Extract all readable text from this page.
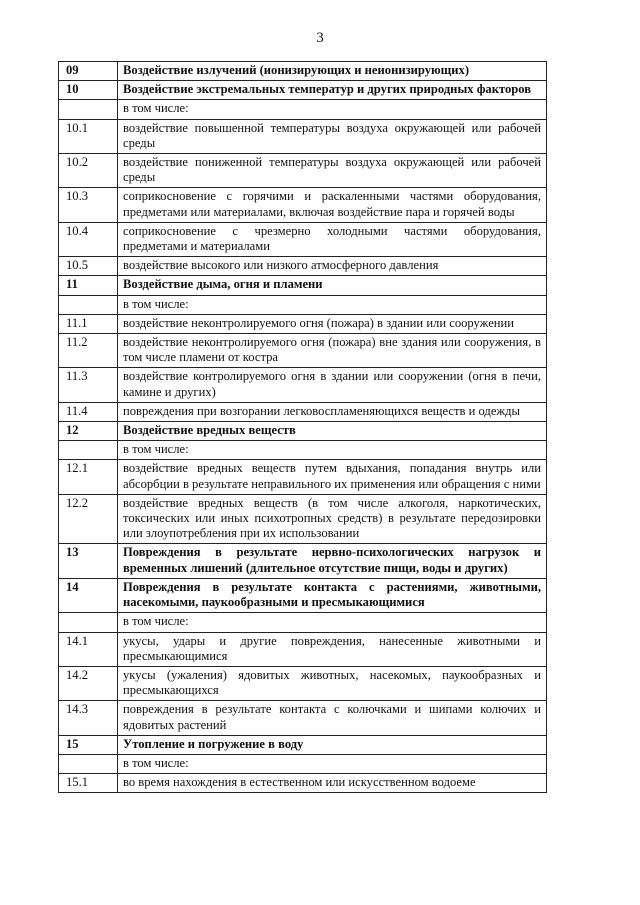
3
09	Воздействие излучений (ионизирующих и неионизирующих)
10	Воздействие экстремальных температур и других природных факторов
	в том числе:
10.1	воздействие повышенной температуры воздуха окружающей или рабочей среды
10.2	воздействие пониженной температуры воздуха окружающей или рабочей среды
10.3	соприкосновение с горячими и раскаленными частями оборудования, предметами или материалами, включая воздействие пара и горячей воды
10.4	соприкосновение с чрезмерно холодными частями оборудования, предметами и материалами
10.5	воздействие высокого или низкого атмосферного давления
11	Воздействие дыма, огня и пламени
	в том числе:
11.1	воздействие неконтролируемого огня (пожара) в здании или сооружении
11.2	воздействие неконтролируемого огня (пожара) вне здания или сооружения, в том числе пламени от костра
11.3	воздействие контролируемого огня в здании или сооружении (огня в печи, камине и других)
11.4	повреждения при возгорании легковоспламеняющихся веществ и одежды
12	Воздействие вредных веществ
	в том числе:
12.1	воздействие вредных веществ путем вдыхания, попадания внутрь или абсорбции в результате неправильного их применения или обращения с ними
12.2	воздействие вредных веществ (в том числе алкоголя, наркотических, токсических или иных психотропных средств) в результате передозировки или злоупотребления при их использовании
13	Повреждения в результате нервно-психологических нагрузок и временных лишений (длительное отсутствие пищи, воды и других)
14	Повреждения в результате контакта с растениями, животными, насекомыми, паукообразными и пресмыкающимися
	в том числе:
14.1	укусы, удары и другие повреждения, нанесенные животными и пресмыкающимися
14.2	укусы (ужаления) ядовитых животных, насекомых, паукообразных и пресмыкающихся
14.3	повреждения в результате контакта с колючками и шипами колючих и ядовитых растений
15	Утопление и погружение в воду
	в том числе:
15.1	во время нахождения в естественном или искусственном водоеме
